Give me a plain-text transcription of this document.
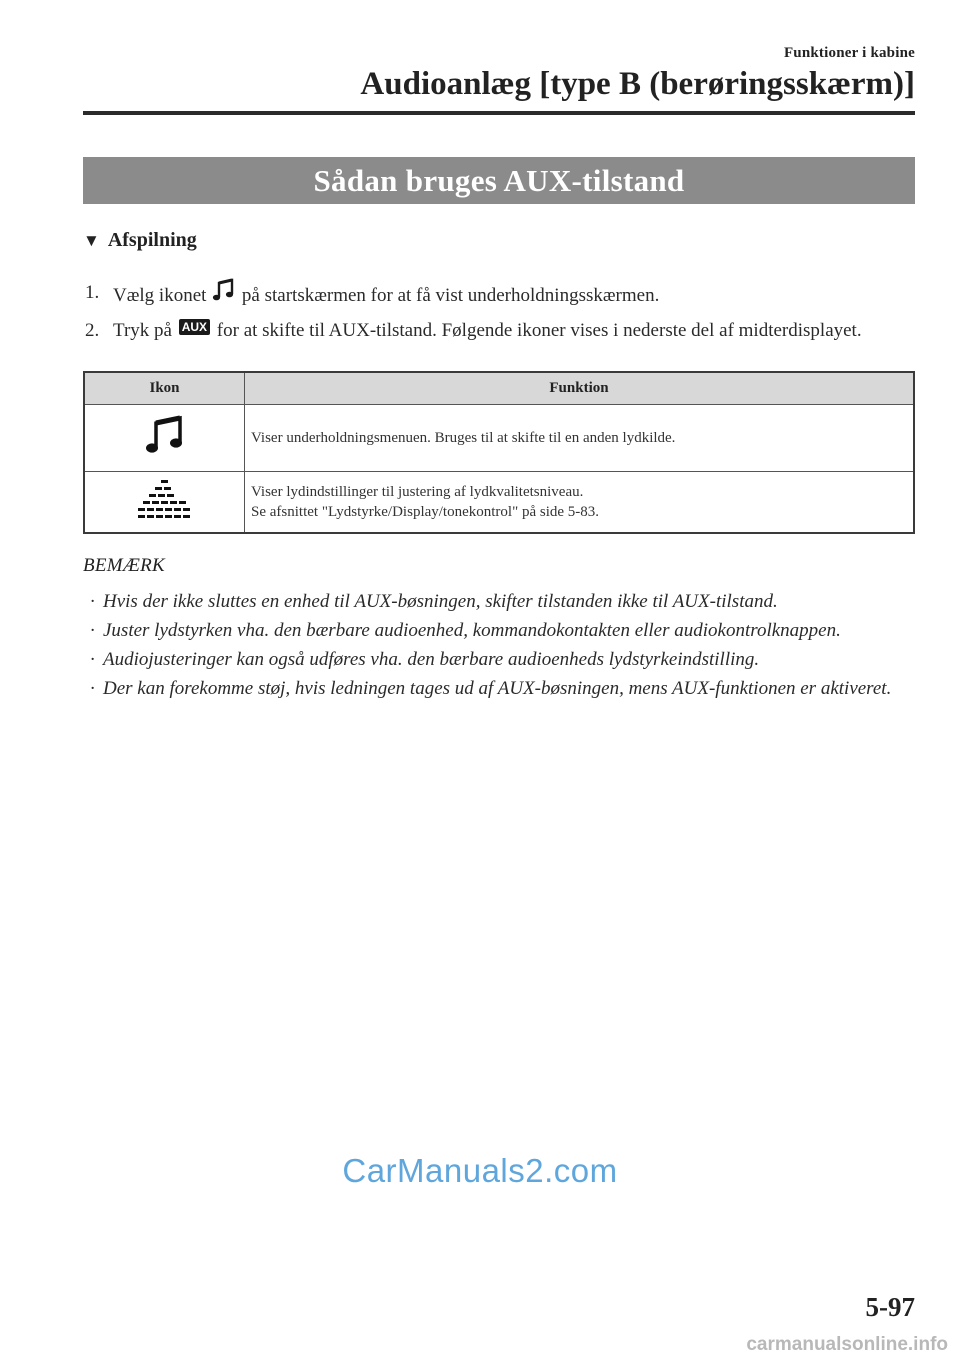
Funktioner i kabine
Audioanlæg [type B (berøringsskærm)]
Sådan bruges AUX-tilstand
▼ Afspilning
1. Vælg ikonet på startskærmen for at få vist underholdningsskærmen.
2. Tryk på AUX for at skifte til AUX-tilstand. Følgende ikoner vises i nederste del af midterdisplayet.
Ikon	Funktion

Viser underholdningsmenuen. Bruges til at skifte til en anden lydkilde.

Viser lydindstillinger til justering af lydkvalitetsniveau.
Se afsnittet "Lydstyrke/Display/tonekontrol" på side 5-83.
BEMÆRK
· Hvis der ikke sluttes en enhed til AUX-bøsningen, skifter tilstanden ikke til AUX-tilstand.
· Juster lydstyrken vha. den bærbare audioenhed, kommandokontakten eller audiokontrolknappen.
· Audiojusteringer kan også udføres vha. den bærbare audioenheds lydstyrkeindstilling.
· Der kan forekomme støj, hvis ledningen tages ud af AUX-bøsningen, mens AUX-funktionen er aktiveret.
CarManuals2.com
5-97
carmanualsonline.info
